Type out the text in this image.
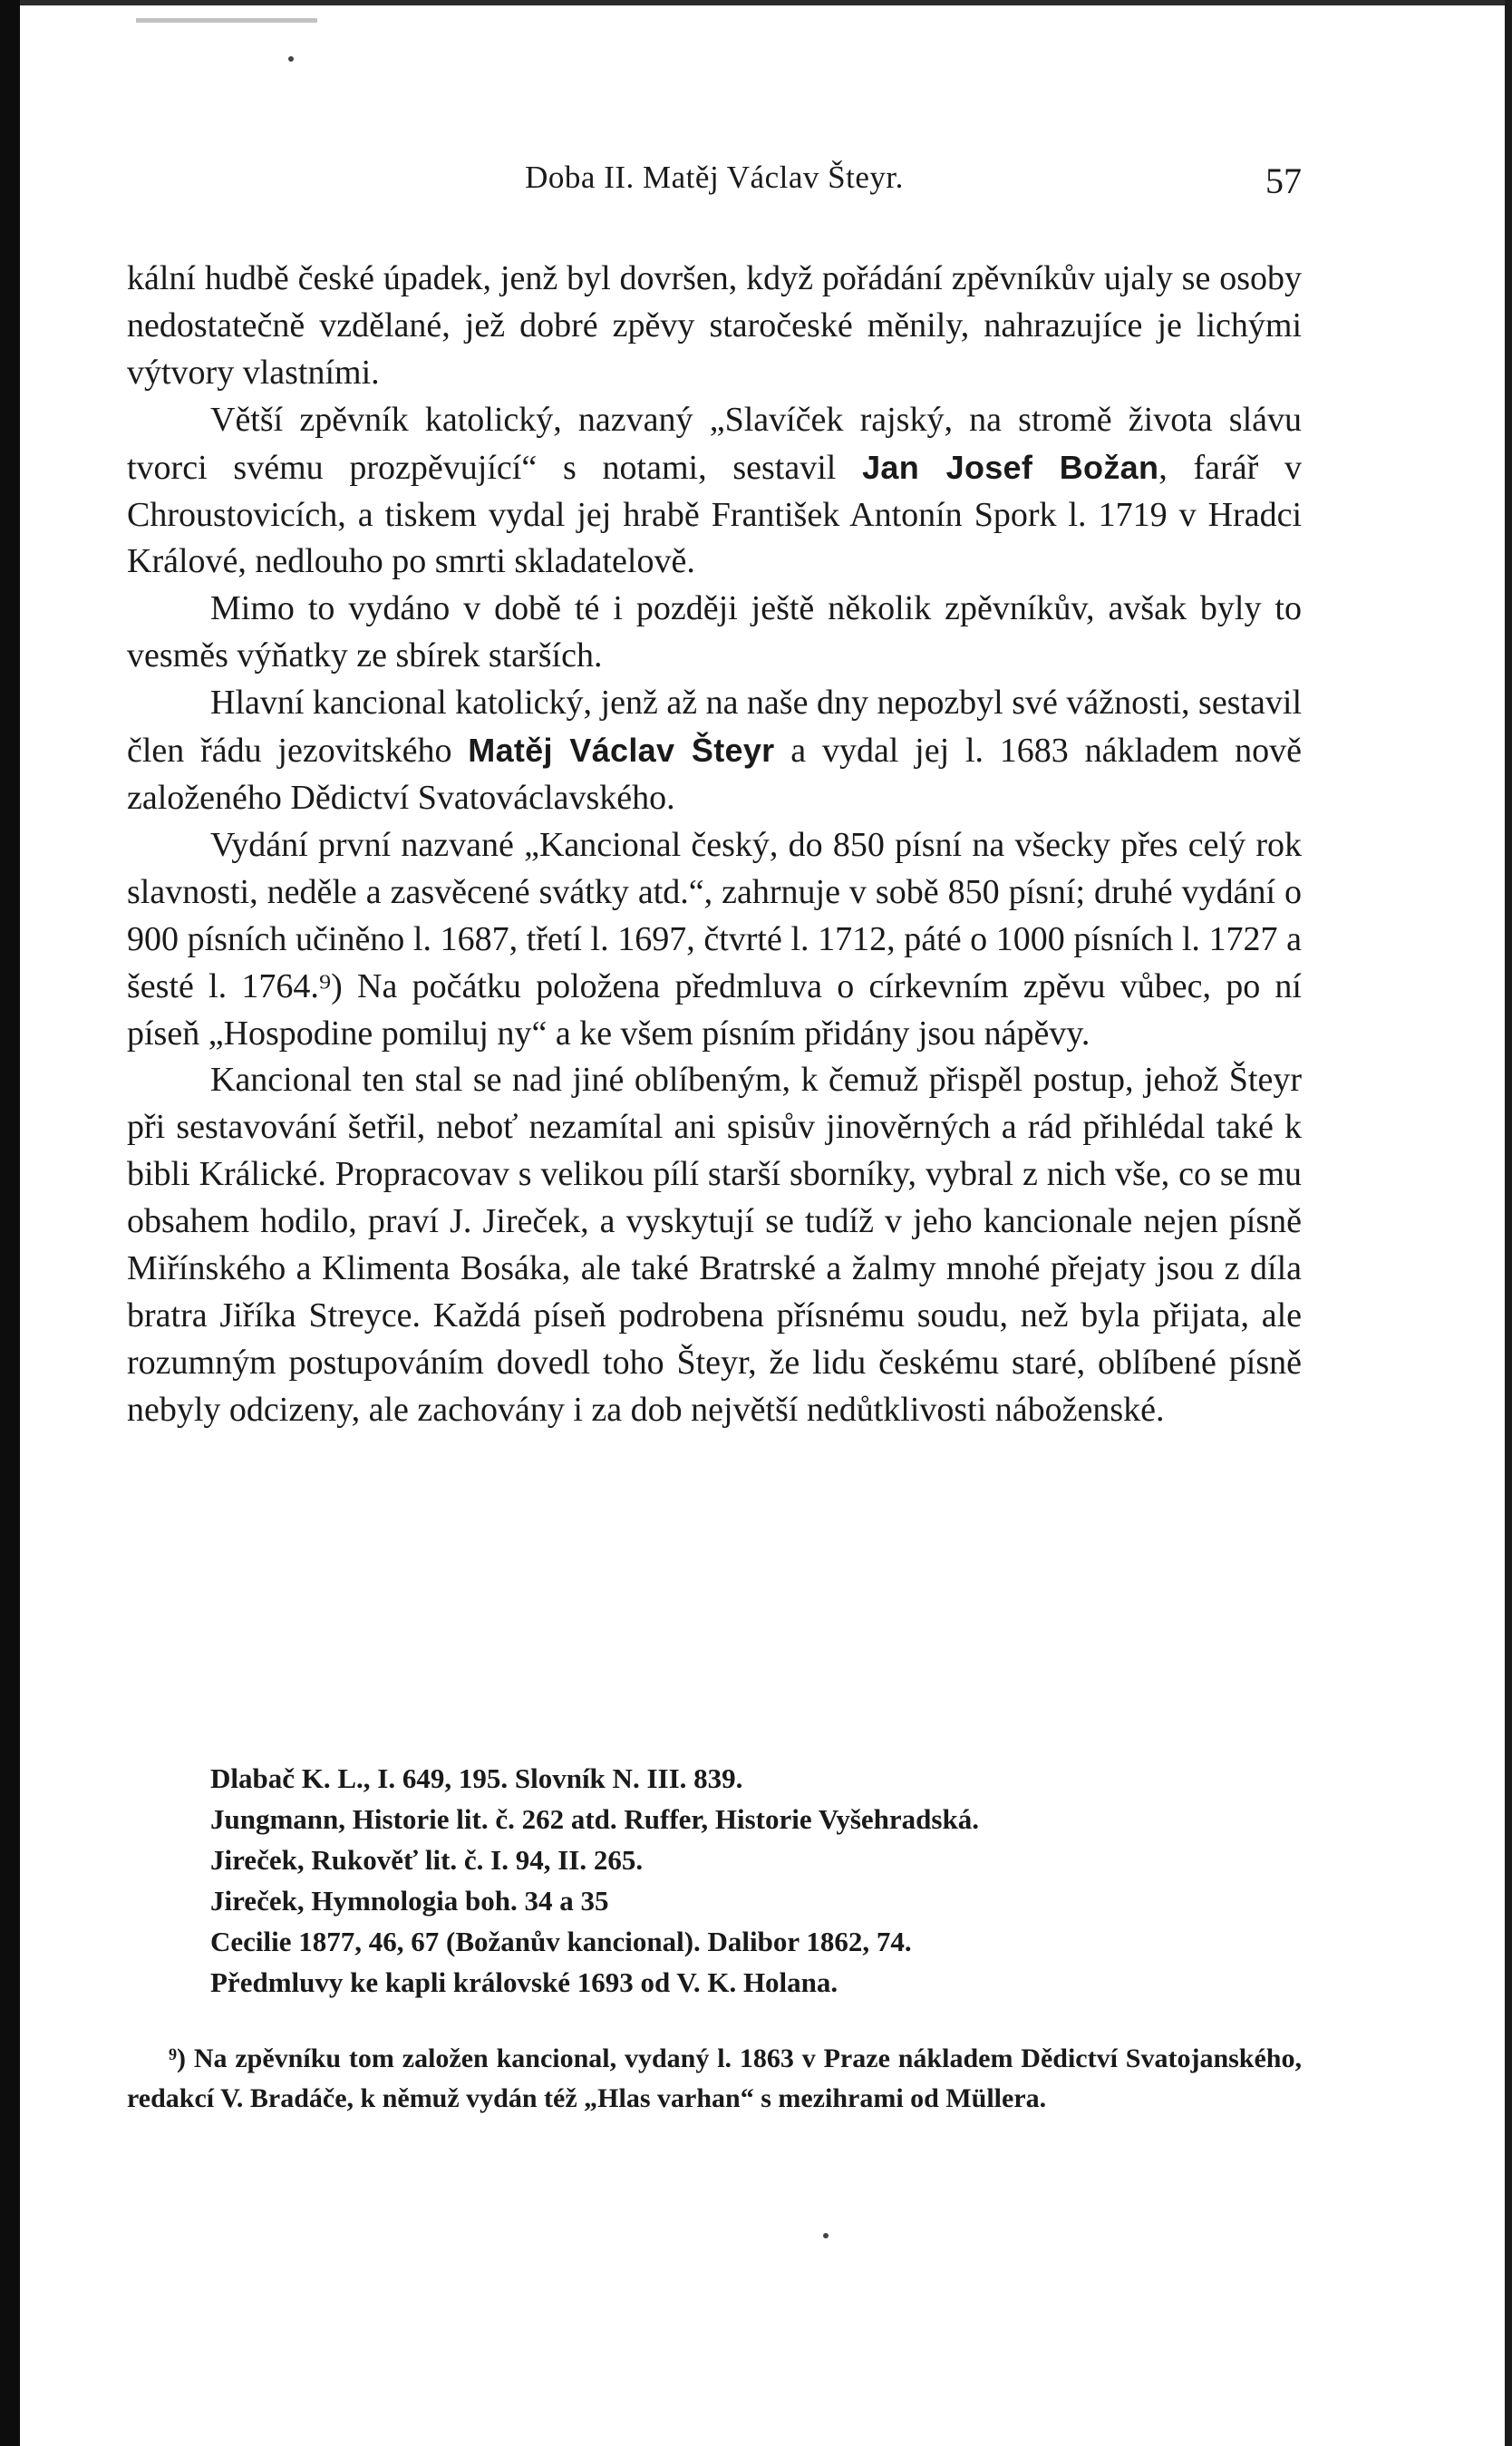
Doba II. Matěj Václav Šteyr.	57

kální hudbě české úpadek, jenž byl dovršen, když pořádání zpěvníkův ujaly se osoby nedostatečně vzdělané, jež dobré zpěvy staročeské měnily, nahrazujíce je lichými výtvory vlastními.

Větší zpěvník katolický, nazvaný „Slavíček rajský, na stromě života slávu tvorci svému prozpěvující“ s notami, sestavil Jan Josef Božan, farář v Chroustovicích, a tiskem vydal jej hrabě František Antonín Spork l. 1719 v Hradci Králové, nedlouho po smrti skladatelově.

Mimo to vydáno v době té i později ještě několik zpěvníkův, avšak byly to vesměs výňatky ze sbírek starších.

Hlavní kancional katolický, jenž až na naše dny nepozbyl své vážnosti, sestavil člen řádu jezovitského Matěj Václav Šteyr a vydal jej l. 1683 nákladem nově založeného Dědictví Svatováclavského.

Vydání první nazvané „Kancional český, do 850 písní na všecky přes celý rok slavnosti, neděle a zasvěcené svátky atd.“, zahrnuje v sobě 850 písní; druhé vydání o 900 písních učiněno l. 1687, třetí l. 1697, čtvrté l. 1712, páté o 1000 písních l. 1727 a šesté l. 1764.⁹) Na počátku položena předmluva o církevním zpěvu vůbec, po ní píseň „Hospodine pomiluj ny“ a ke všem písním přidány jsou nápěvy.

Kancional ten stal se nad jiné oblíbeným, k čemuž přispěl postup, jehož Šteyr při sestavování šetřil, neboť nezamítal ani spisův jinověrných a rád přihlédal také k bibli Králické. Propracovav s velikou pílí starší sborníky, vybral z nich vše, co se mu obsahem hodilo, praví J. Jireček, a vyskytují se tudíž v jeho kancionale nejen písně Miřínského a Klimenta Bosáka, ale také Bratrské a žalmy mnohé přejaty jsou z díla bratra Jiříka Streyce. Každá píseň podrobena přísnému soudu, než byla přijata, ale rozumným postupováním dovedl toho Šteyr, že lidu českému staré, oblíbené písně nebyly odcizeny, ale zachovány i za dob největší nedůtklivosti náboženské.

Dlabač K. L., I. 649, 195. Slovník N. III. 839.
Jungmann, Historie lit. č. 262 atd. Ruffer, Historie Vyšehradská.
Jireček, Rukověť lit. č. I. 94, II. 265.
Jireček, Hymnologia boh. 34 a 35
Cecilie 1877, 46, 67 (Božanův kancional). Dalibor 1862, 74.
Předmluvy ke kapli královské 1693 od V. K. Holana.

⁹) Na zpěvníku tom založen kancional, vydaný l. 1863 v Praze nákladem Dědictví Svatojanského, redakcí V. Bradáče, k němuž vydán též „Hlas varhan“ s mezihrami od Müllera.
